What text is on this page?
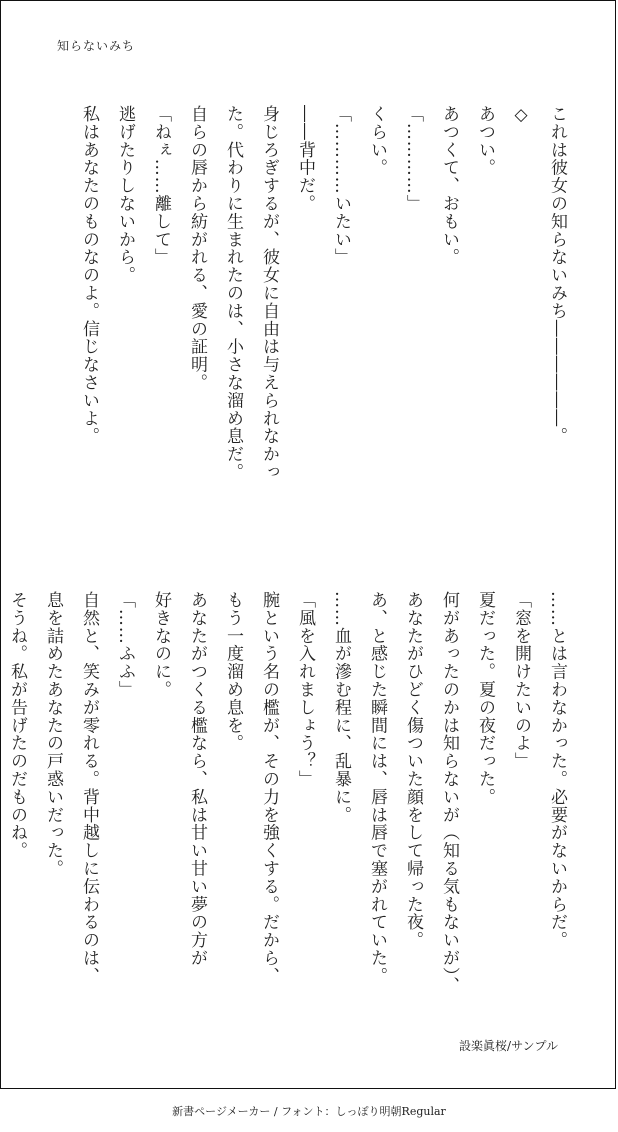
知らないみち
これは彼女の知らないみち――――――。
◇
あつい。
あつくて、おもい。
「…………」
くらい。
「…………いたい」
――背中だ。
身じろぎするが、彼女に自由は与えられなかっ
た。代わりに生まれたのは、小さな溜め息だ。
自らの唇から紡がれる、愛の証明。
「ねぇ……離して」
逃げたりしないから。
私はあなたのものなのよ。信じなさいよ。
……とは言わなかった。必要がないからだ。
「窓を開けたいのよ」
夏だった。夏の夜だった。
何があったのかは知らないが（知る気もないが）、
あなたがひどく傷ついた顔をして帰った夜。
あ、と感じた瞬間には、唇は唇で塞がれていた。
……血が滲む程に、乱暴に。
「風を入れましょう？」
腕という名の檻が、その力を強くする。だから、
もう一度溜め息を。
あなたがつくる檻なら、私は甘い甘い夢の方が
好きなのに。
「……ふふ」
自然と、笑みが零れる。背中越しに伝わるのは、
息を詰めたあなたの戸惑いだった。
そうね。私が告げたのだものね。
設楽眞桜/サンプル
新書ページメーカー / フォント：しっぽり明朝Regular
